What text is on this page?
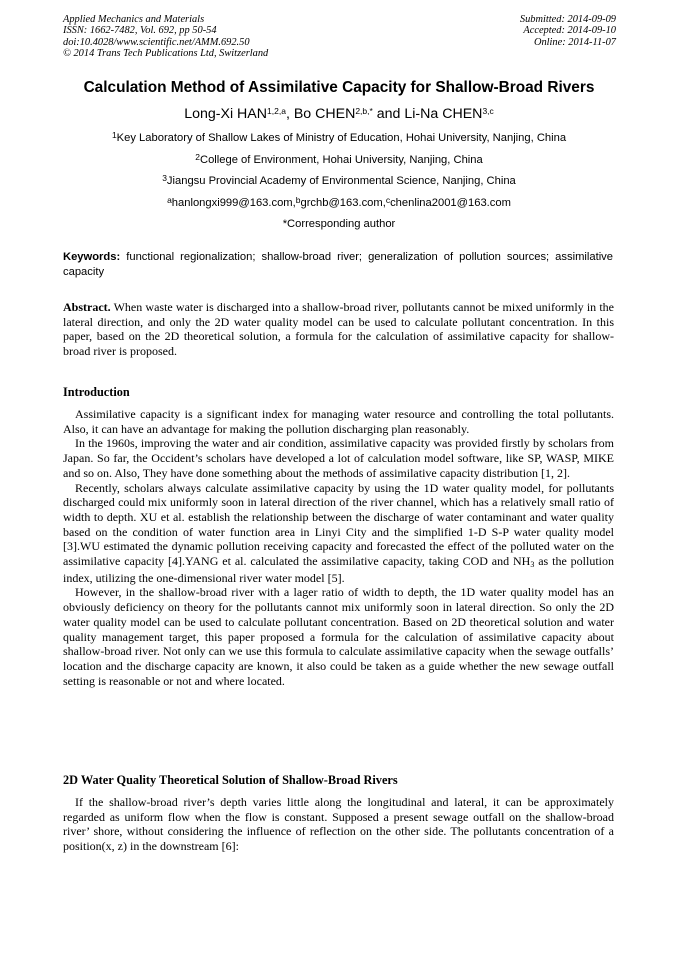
Applied Mechanics and Materials
ISSN: 1662-7482, Vol. 692, pp 50-54
doi:10.4028/www.scientific.net/AMM.692.50
© 2014 Trans Tech Publications Ltd, Switzerland
Submitted: 2014-09-09
Accepted: 2014-09-10
Online: 2014-11-07
Calculation Method of Assimilative Capacity for Shallow-Broad Rivers
Long-Xi HAN$^{1,2,a}$, Bo $CHEN^{2,b,*}$ and Li-Na CHEN$^{3,c}$
$^1$Key Laboratory of Shallow Lakes of Ministry of Education, Hohai University, Nanjing, China
$^2$College of Environment, Hohai University, Nanjing, China
$^3$Jiangsu Provincial Academy of Environmental Science, Nanjing, China
$^a$hanlongxi999@163.com,$^b$grchb@163.com,$^c$chenlina2001@163.com
*Corresponding author
Keywords: functional regionalization; shallow-broad river; generalization of pollution sources; assimilative capacity
Abstract. When waste water is discharged into a shallow-broad river, pollutants cannot be mixed uniformly in the lateral direction, and only the 2D water quality model can be used to calculate pollutant concentration. In this paper, based on the 2D theoretical solution, a formula for the calculation of assimilative capacity for shallow-broad river is proposed.
Introduction

Assimilative capacity is a significant index for managing water resource and controlling the total pollutants. Also, it can have an advantage for making the pollution discharging plan reasonably.

In the 1960s, improving the water and air condition, assimilative capacity was provided firstly by scholars from Japan. So far, the Occident’s scholars have developed a lot of calculation model software, like SP, WASP, MIKE and so on. Also, They have done something about the methods of assimilative capacity distribution [1, 2].

Recently, scholars always calculate assimilative capacity by using the 1D water quality model, for pollutants discharged could mix uniformly soon in lateral direction of the river channel, which has a relatively small ratio of width to depth. XU et al. establish the relationship between the discharge of water contaminant and water quality based on the condition of water function area in Linyi City and the simplified 1-D S-P water quality model [3].WU estimated the dynamic pollution receiving capacity and forecasted the effect of the polluted water on the assimilative capacity [4].YANG et al. calculated the assimilative capacity, taking COD and $NH_3$ as the pollution index, utilizing the one-dimensional river water model [5].

However, in the shallow-broad river with a lager ratio of width to depth, the 1D water quality model has an obviously deficiency on theory for the pollutants cannot mix uniformly soon in lateral direction. So only the 2D water quality model can be used to calculate pollutant concentration. Based on 2D theoretical solution and water quality management target, this paper proposed a formula for the calculation of assimilative capacity about shallow-broad river. Not only can we use this formula to calculate assimilative capacity when the sewage outfalls’ location and the discharge capacity are known, it also could be taken as a guide whether the new sewage outfall setting is reasonable or not and where located.

2D Water Quality Theoretical Solution of Shallow-Broad Rivers

If the shallow-broad river’s depth varies little along the longitudinal and lateral, it can be approximately regarded as uniform flow when the flow is constant. Supposed a present sewage outfall on the shallow-broad river’ shore, without considering the influence of reflection on the other side. The pollutants concentration of a position(x, z) in the downstream [6]:
